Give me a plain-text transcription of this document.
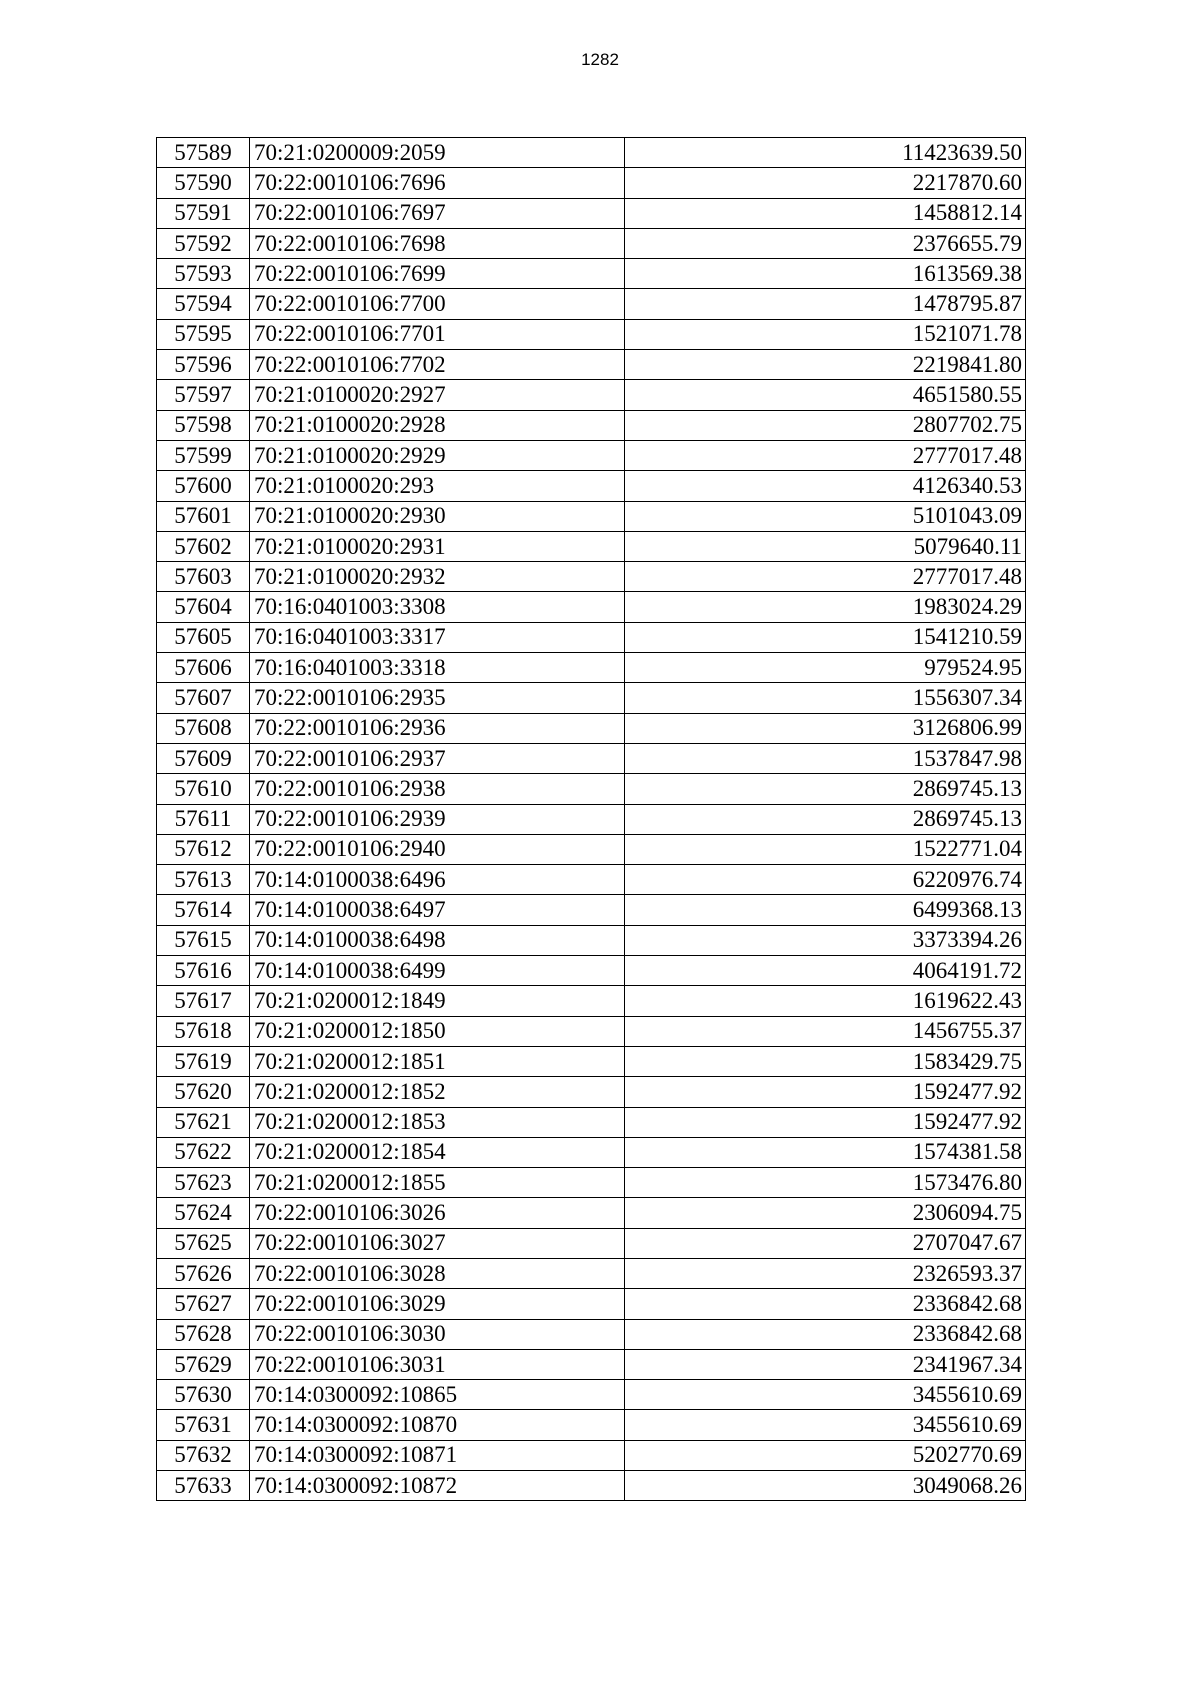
1282
57589	70:21:0200009:2059	11423639.50
57590	70:22:0010106:7696	2217870.60
57591	70:22:0010106:7697	1458812.14
57592	70:22:0010106:7698	2376655.79
57593	70:22:0010106:7699	1613569.38
57594	70:22:0010106:7700	1478795.87
57595	70:22:0010106:7701	1521071.78
57596	70:22:0010106:7702	2219841.80
57597	70:21:0100020:2927	4651580.55
57598	70:21:0100020:2928	2807702.75
57599	70:21:0100020:2929	2777017.48
57600	70:21:0100020:293	4126340.53
57601	70:21:0100020:2930	5101043.09
57602	70:21:0100020:2931	5079640.11
57603	70:21:0100020:2932	2777017.48
57604	70:16:0401003:3308	1983024.29
57605	70:16:0401003:3317	1541210.59
57606	70:16:0401003:3318	979524.95
57607	70:22:0010106:2935	1556307.34
57608	70:22:0010106:2936	3126806.99
57609	70:22:0010106:2937	1537847.98
57610	70:22:0010106:2938	2869745.13
57611	70:22:0010106:2939	2869745.13
57612	70:22:0010106:2940	1522771.04
57613	70:14:0100038:6496	6220976.74
57614	70:14:0100038:6497	6499368.13
57615	70:14:0100038:6498	3373394.26
57616	70:14:0100038:6499	4064191.72
57617	70:21:0200012:1849	1619622.43
57618	70:21:0200012:1850	1456755.37
57619	70:21:0200012:1851	1583429.75
57620	70:21:0200012:1852	1592477.92
57621	70:21:0200012:1853	1592477.92
57622	70:21:0200012:1854	1574381.58
57623	70:21:0200012:1855	1573476.80
57624	70:22:0010106:3026	2306094.75
57625	70:22:0010106:3027	2707047.67
57626	70:22:0010106:3028	2326593.37
57627	70:22:0010106:3029	2336842.68
57628	70:22:0010106:3030	2336842.68
57629	70:22:0010106:3031	2341967.34
57630	70:14:0300092:10865	3455610.69
57631	70:14:0300092:10870	3455610.69
57632	70:14:0300092:10871	5202770.69
57633	70:14:0300092:10872	3049068.26
